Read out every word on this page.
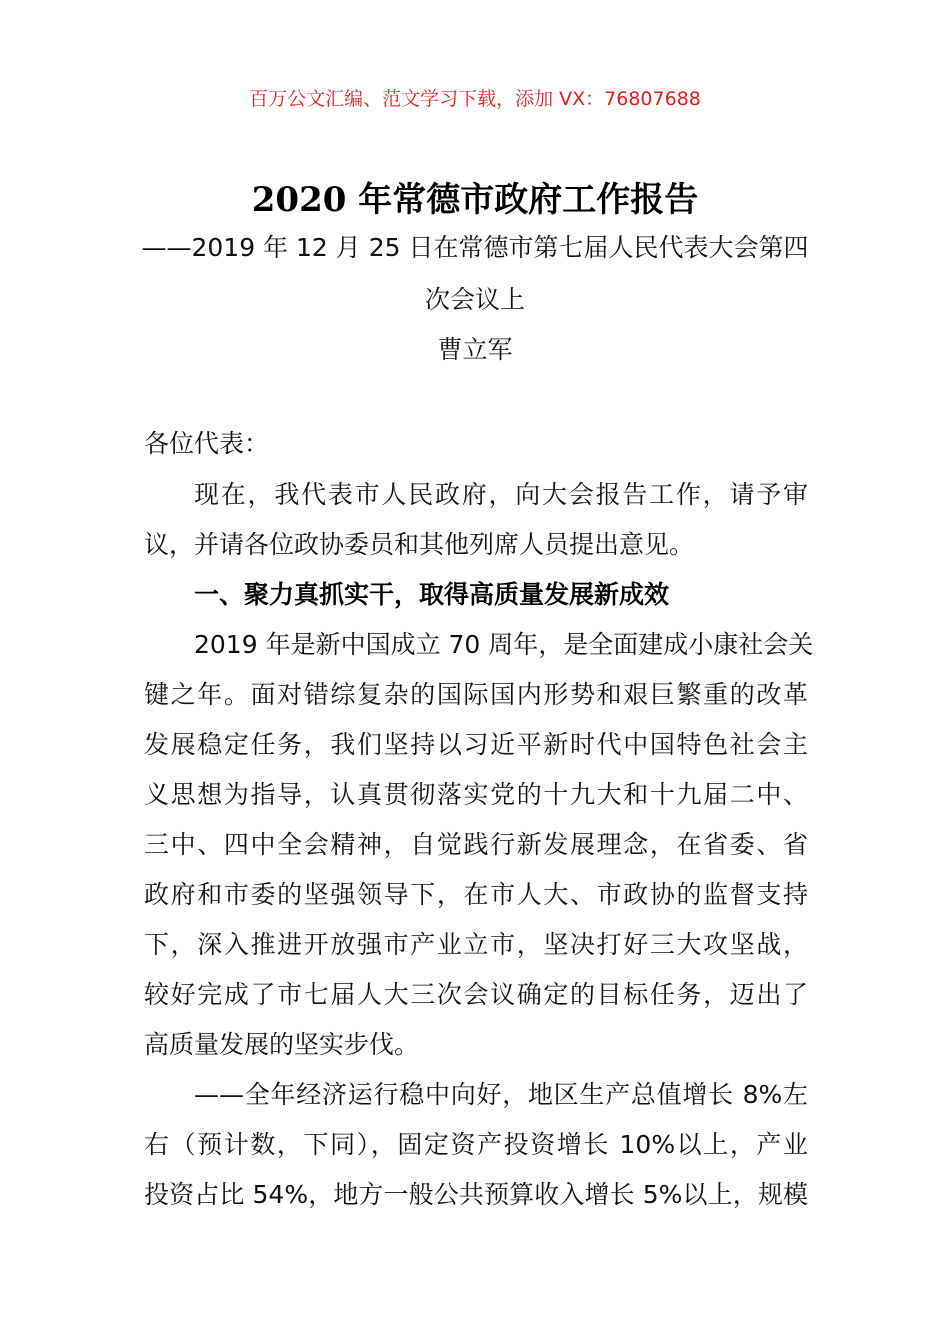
百万公文汇编、范文学习下载，添加 VX：76807688
2020 年常德市政府工作报告
——2019 年 12 月 25 日在常德市第七届人民代表大会第四
次会议上
曹立军
各位代表：
现在，我代表市人民政府，向大会报告工作，请予审
议，并请各位政协委员和其他列席人员提出意见。
一、聚力真抓实干，取得高质量发展新成效
2019 年是新中国成立 70 周年，是全面建成小康社会关
键之年。面对错综复杂的国际国内形势和艰巨繁重的改革
发展稳定任务，我们坚持以习近平新时代中国特色社会主
义思想为指导，认真贯彻落实党的十九大和十九届二中、
三中、四中全会精神，自觉践行新发展理念，在省委、省
政府和市委的坚强领导下，在市人大、市政协的监督支持
下，深入推进开放强市产业立市，坚决打好三大攻坚战，
较好完成了市七届人大三次会议确定的目标任务，迈出了
高质量发展的坚实步伐。
——全年经济运行稳中向好，地区生产总值增长 8%左
右（预计数，下同），固定资产投资增长 10%以上，产业
投资占比 54%，地方一般公共预算收入增长 5%以上，规模
